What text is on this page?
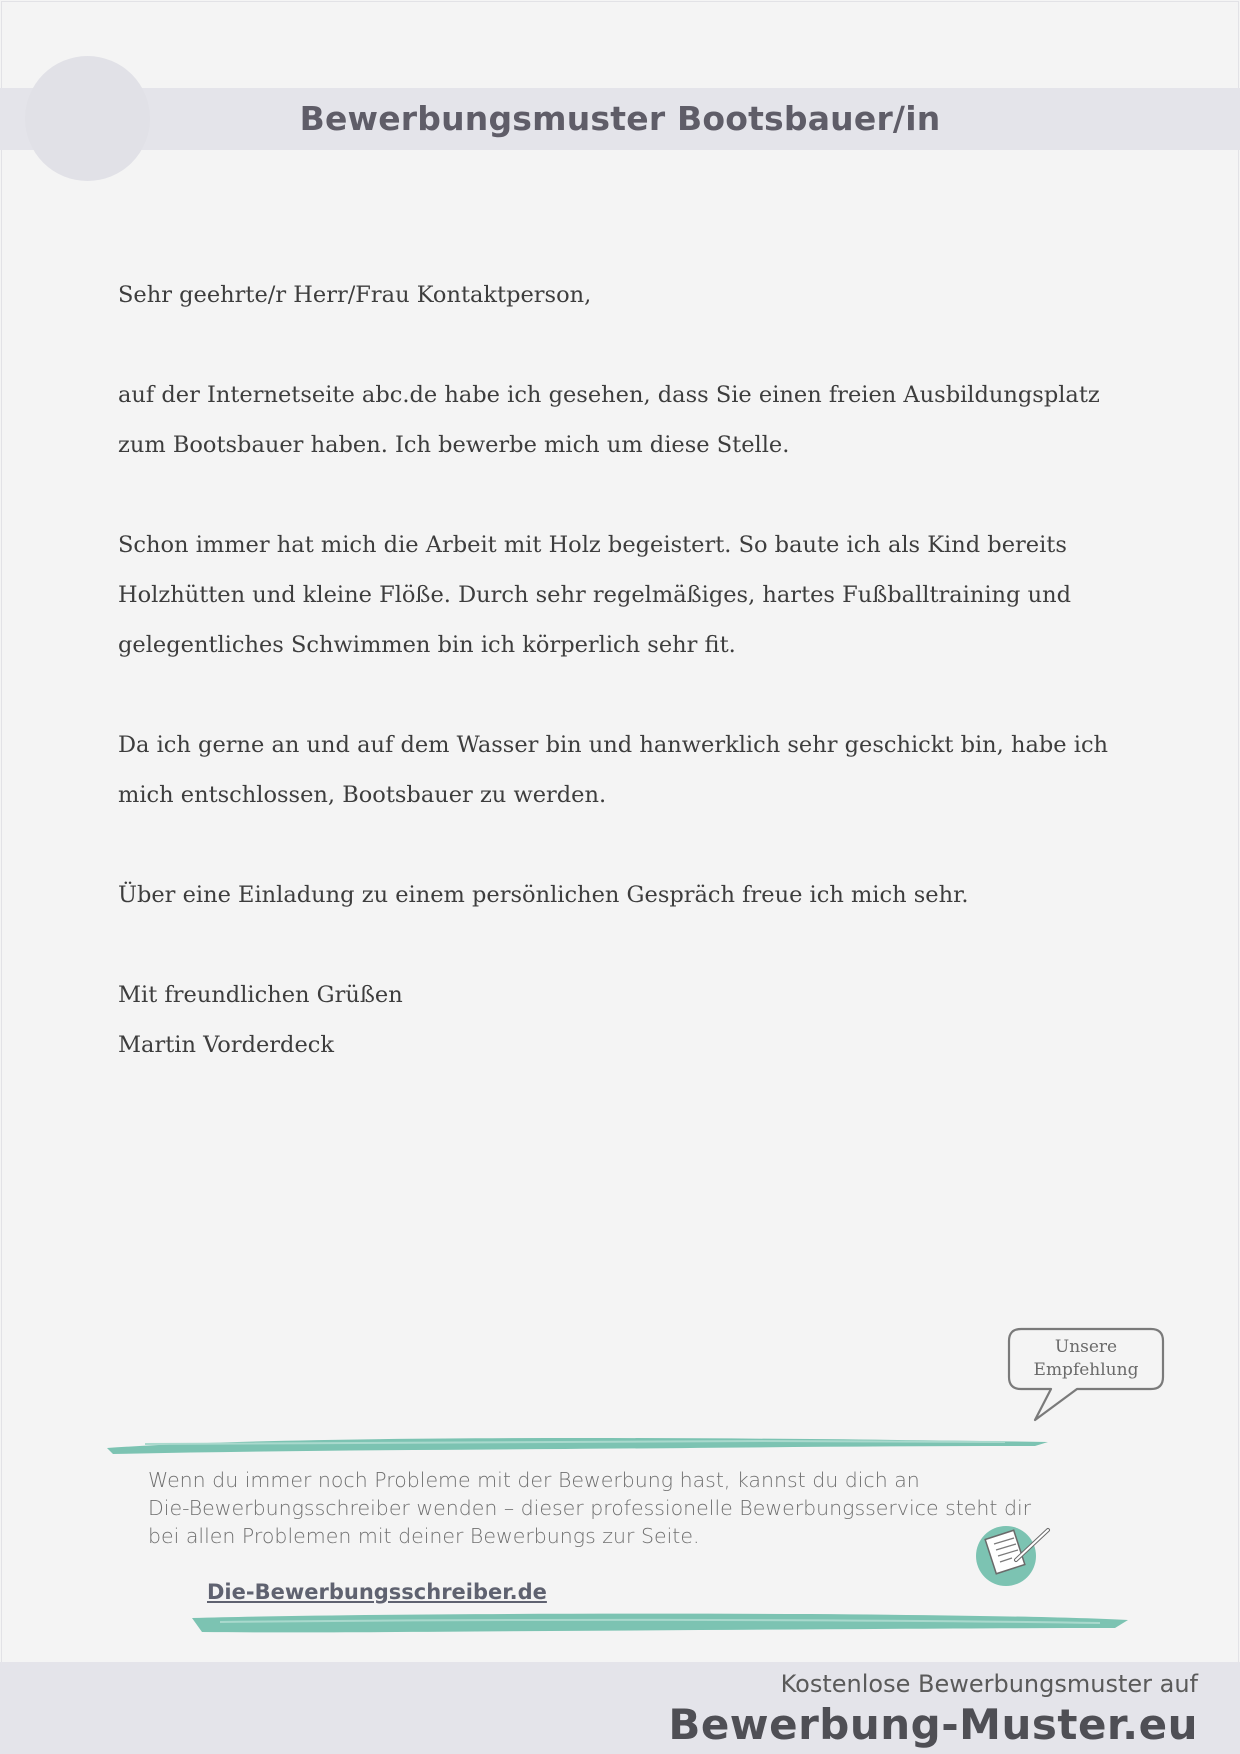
Bewerbungsmuster Bootsbauer/in

Sehr geehrte/r Herr/Frau Kontaktperson,

auf der Internetseite abc.de habe ich gesehen, dass Sie einen freien Ausbildungsplatz

zum Bootsbauer haben. Ich bewerbe mich um diese Stelle.

Schon immer hat mich die Arbeit mit Holz begeistert. So baute ich als Kind bereits

Holzhütten und kleine Flöße. Durch sehr regelmäßiges, hartes Fußballtraining und

gelegentliches Schwimmen bin ich körperlich sehr fit.

Da ich gerne an und auf dem Wasser bin und hanwerklich sehr geschickt bin, habe ich

mich entschlossen, Bootsbauer zu werden.

Über eine Einladung zu einem persönlichen Gespräch freue ich mich sehr.

Mit freundlichen Grüßen

Martin Vorderdeck

Unsere
Empfehlung
Wenn du immer noch Probleme mit der Bewerbung hast, kannst du dich an
Die-Bewerbungsschreiber wenden – dieser professionelle Bewerbungsservice steht dir
bei allen Problemen mit deiner Bewerbungs zur Seite.
Die-Bewerbungsschreiber.de
Kostenlose Bewerbungsmuster auf
Bewerbung-Muster.eu
